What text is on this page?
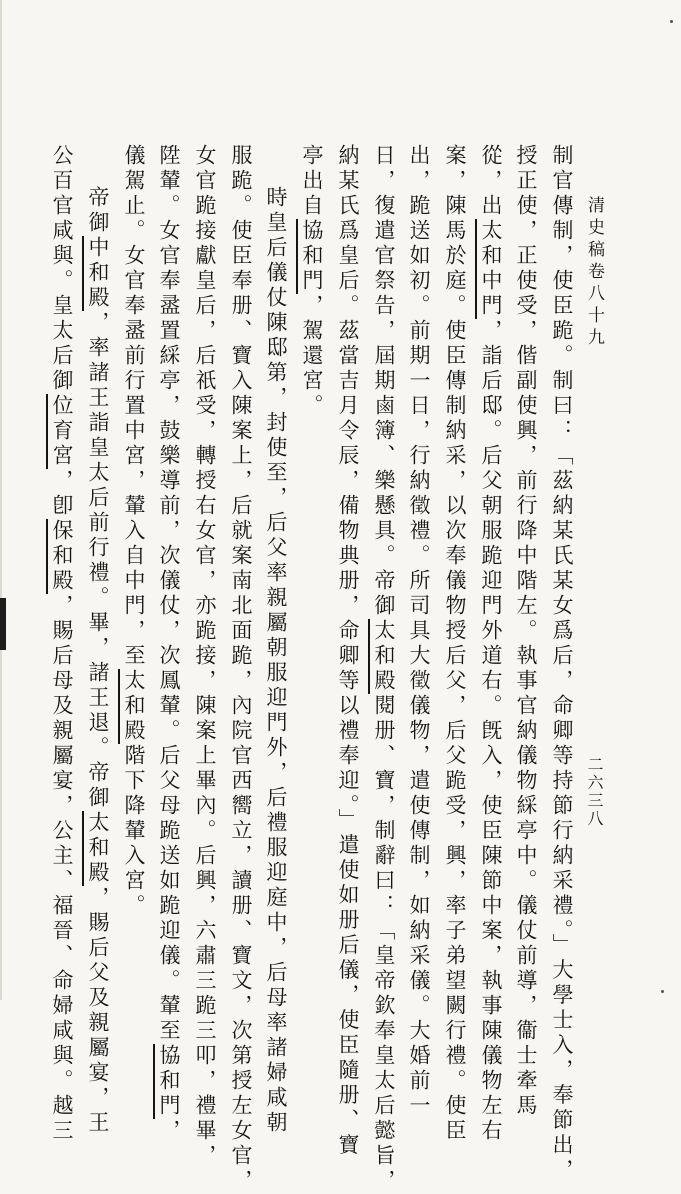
清史稿卷八十九
二六三八
制官傳制，使臣跪。制曰：「茲納某氏某女爲后，命卿等持節行納采禮。」大學士入，奉節出，
授正使，正使受，偕副使興，前行降中階左。執事官納儀物綵亭中。儀仗前導，衞士牽馬
從，出太和中門，詣后邸。后父朝服跪迎門外道右。旣入，使臣陳節中案，執事陳儀物左右
案，陳馬於庭。使臣傳制納采，以次奉儀物授后父，后父跪受，興，率子弟望闕行禮。使臣
出，跪送如初。前期一日，行納徵禮。所司具大徵儀物，遣使傳制，如納采儀。大婚前一
日，復遣官祭告，屆期鹵簿、樂懸具。帝御太和殿閱册、寶，制辭曰：「皇帝欽奉皇太后懿旨，
納某氏爲皇后。茲當吉月令辰，備物典册，命卿等以禮奉迎。」遣使如册后儀，使臣隨册、寶
亭出自協和門，駕還宮。
時皇后儀仗陳邸第，封使至，后父率親屬朝服迎門外，后禮服迎庭中，后母率諸婦咸朝
服跪。使臣奉册、寶入陳案上，后就案南北面跪，內院官西嚮立，讀册、寶文，次第授左女官，
女官跪接獻皇后，后祇受，轉授右女官，亦跪接，陳案上畢內。后興，六肅三跪三叩，禮畢，
陞輦。女官奉盝置綵亭，鼓樂導前，次儀仗，次鳳輦。后父母跪送如跪迎儀。輦至協和門，
儀駕止。女官奉盝前行置中宮，輦入自中門，至太和殿階下降輦入宮。
帝御中和殿，率諸王詣皇太后前行禮。畢，諸王退。帝御太和殿，賜后父及親屬宴，王
公百官咸與。皇太后御位育宮，卽保和殿，賜后母及親屬宴，公主、福晉、命婦咸與。越三
